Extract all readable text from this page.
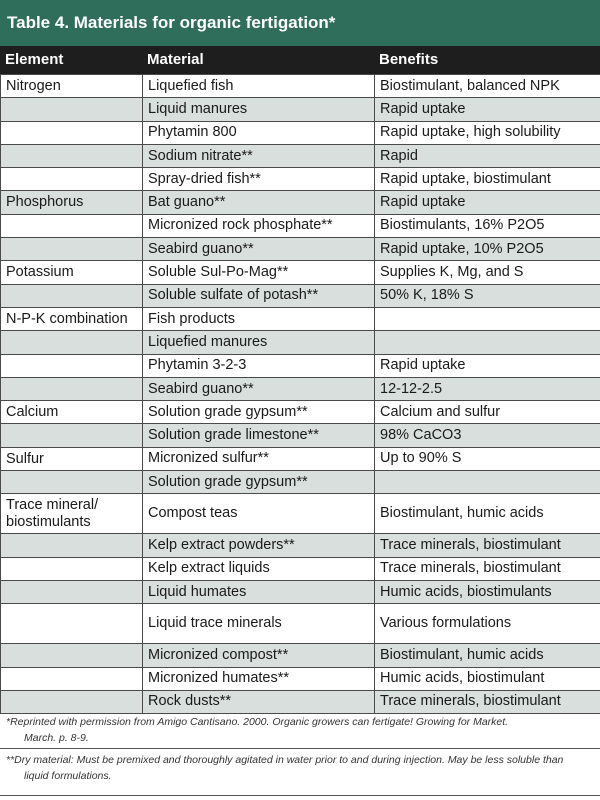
Table 4. Materials for organic fertigation*
Element	Material	Benefits
Nitrogen	Liquefied fish	Biostimulant, balanced NPK
	Liquid manures	Rapid uptake
	Phytamin 800	Rapid uptake, high solubility
	Sodium nitrate**	Rapid
	Spray-dried fish**	Rapid uptake, biostimulant
Phosphorus	Bat guano**	Rapid uptake
	Micronized rock phosphate**	Biostimulants, 16% P2O5
	Seabird guano**	Rapid uptake, 10% P2O5
Potassium	Soluble Sul-Po-Mag**	Supplies K, Mg, and S
	Soluble sulfate of potash**	50% K, 18% S
N-P-K combination	Fish products	
	Liquefied manures	
	Phytamin 3-2-3	Rapid uptake
	Seabird guano**	12-12-2.5
Calcium	Solution grade gypsum**	Calcium and sulfur
	Solution grade limestone**	98% CaCO3
Sulfur	Micronized sulfur**	Up to 90% S
	Solution grade gypsum**	
Trace mineral/ biostimulants	Compost teas	Biostimulant, humic acids
	Kelp extract powders**	Trace minerals, biostimulant
	Kelp extract liquids	Trace minerals, biostimulant
	Liquid humates	Humic acids, biostimulants
	Liquid trace minerals	Various formulations
	Micronized compost**	Biostimulant, humic acids
	Micronized humates**	Humic acids, biostimulant
	Rock dusts**	Trace minerals, biostimulant
*Reprinted with permission from Amigo Cantisano. 2000. Organic growers can fertigate! Growing for Market.
March. p. 8-9.
**Dry material: Must be premixed and thoroughly agitated in water prior to and during injection. May be less soluble than
liquid formulations.
